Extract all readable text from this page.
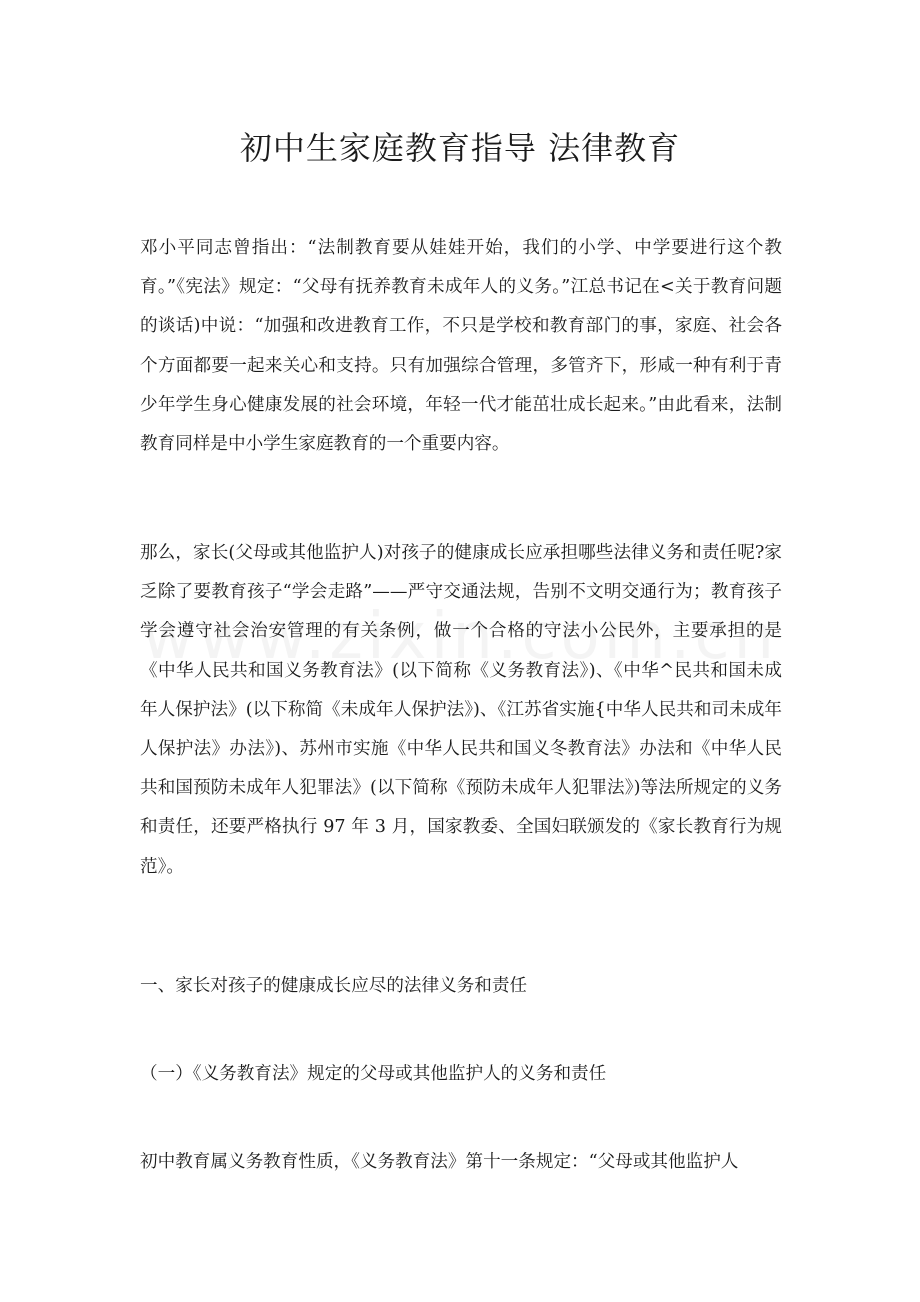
初中生家庭教育指导 法律教育

邓小平同志曾指出：“法制教育要从娃娃开始，我们的小学、中学要进行这个教育。”《宪法》规定：“父母有抚养教育未成年人的义务。”江总书记在<关于教育问题的谈话)中说：“加强和改进教育工作，不只是学校和教育部门的事，家庭、社会各个方面都要一起来关心和支持。只有加强综合管理，多管齐下，形咸一种有利于青少年学生身心健康发展的社会环境，年轻一代才能茁壮成长起来。”由此看来，法制教育同样是中小学生家庭教育的一个重要内容。

那么，家长(父母或其他监护人)对孩子的健康成长应承担哪些法律义务和责任呢?家乏除了要教育孩子“学会走路”——严守交通法规，告别不文明交通行为；教育孩子学会遵守社会治安管理的有关条例，做一个合格的守法小公民外，主要承担的是《中华人民共和国义务教育法》(以下简称《义务教育法》)、《中华^民共和国未成年人保护法》(以下称简《未成年人保护法》)、《江苏省实施{中华人民共和司未成年人保护法》办法》)、苏州市实施《中华人民共和国义冬教育法》办法和《中华人民共和国预防未成年人犯罪法》(以下简称《预防未成年人犯罪法》)等法所规定的义务和责任，还要严格执行 97 年 3 月，国家教委、全国妇联颁发的《家长教育行为规范》。

一、家长对孩子的健康成长应尽的法律义务和责任

（一）《义务教育法》规定的父母或其他监护人的义务和责任

初中教育属义务教育性质，《义务教育法》第十一条规定：“父母或其他监护人
